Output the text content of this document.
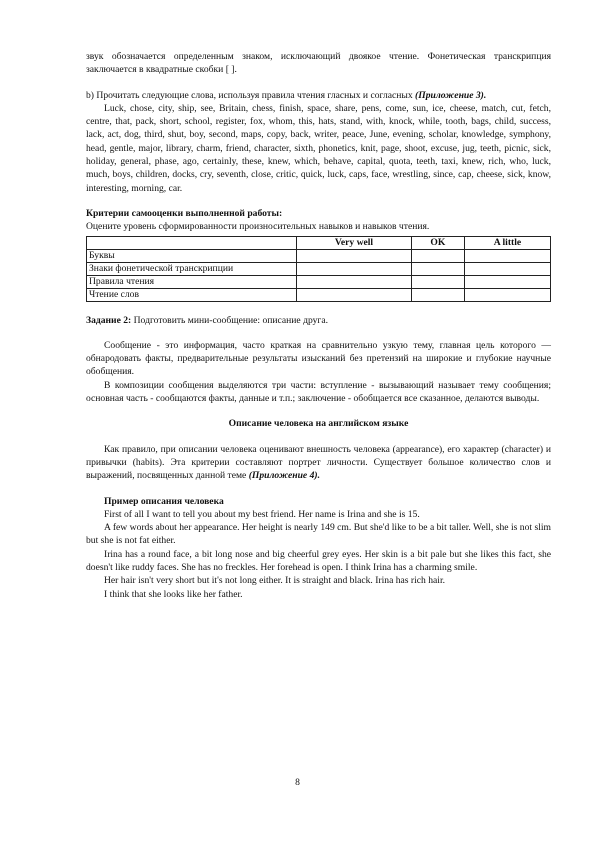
звук обозначается определенным знаком, исключающий двоякое чтение. Фонетическая транскрипция заключается в квадратные скобки [ ].

b) Прочитать следующие слова, используя правила чтения гласных и согласных (Приложение 3).

Luck, chose, city, ship, see, Britain, chess, finish, space, share, pens, come, sun, ice, cheese, match, cut, fetch, centre, that, pack, short, school, register, fox, whom, this, hats, stand, with, knock, while, tooth, bags, child, success, lack, act, dog, third, shut, boy, second, maps, copy, back, writer, peace, June, evening, scholar, knowledge, symphony, head, gentle, major, library, charm, friend, character, sixth, phonetics, knit, page, shoot, excuse, jug, teeth, picnic, sick, holiday, general, phase, ago, certainly, these, knew, which, behave, capital, quota, teeth, taxi, knew, rich, who, luck, much, boys, children, docks, cry, seventh, close, critic, quick, luck, caps, face, wrestling, since, cap, cheese, sick, know, interesting, morning, car.

Критерии самооценки выполненной работы:

Оцените уровень сформированности произносительных навыков и навыков чтения.

	Very well	OK	A little
Буквы			
Знаки фонетической транскрипции			
Правила чтения			
Чтение слов			

Задание 2: Подготовить мини-сообщение: описание друга.

Сообщение - это информация, часто краткая на сравнительно узкую тему, главная цель которого — обнародовать факты, предварительные результаты изысканий без претензий на широкие и глубокие научные обобщения.

В композиции сообщения выделяются три части: вступление - вызывающий называет тему сообщения; основная часть - сообщаются факты, данные и т.п.; заключение - обобщается все сказанное, делаются выводы.

Описание человека на английском языке

Как правило, при описании человека оценивают внешность человека (appearance), его характер (character) и привычки (habits). Эта критерии составляют портрет личности. Существует большое количество слов и выражений, посвященных данной теме (Приложение 4).

Пример описания человека

First of all I want to tell you about my best friend. Her name is Irina and she is 15.

A few words about her appearance. Her height is nearly 149 cm. But she'd like to be a bit taller. Well, she is not slim but she is not fat either.

Irina has a round face, a bit long nose and big cheerful grey eyes. Her skin is a bit pale but she likes this fact, she doesn't like ruddy faces. She has no freckles. Her forehead is open. I think Irina has a charming smile.

Her hair isn't very short but it's not long either. It is straight and black. Irina has rich hair.

I think that she looks like her father.

8
